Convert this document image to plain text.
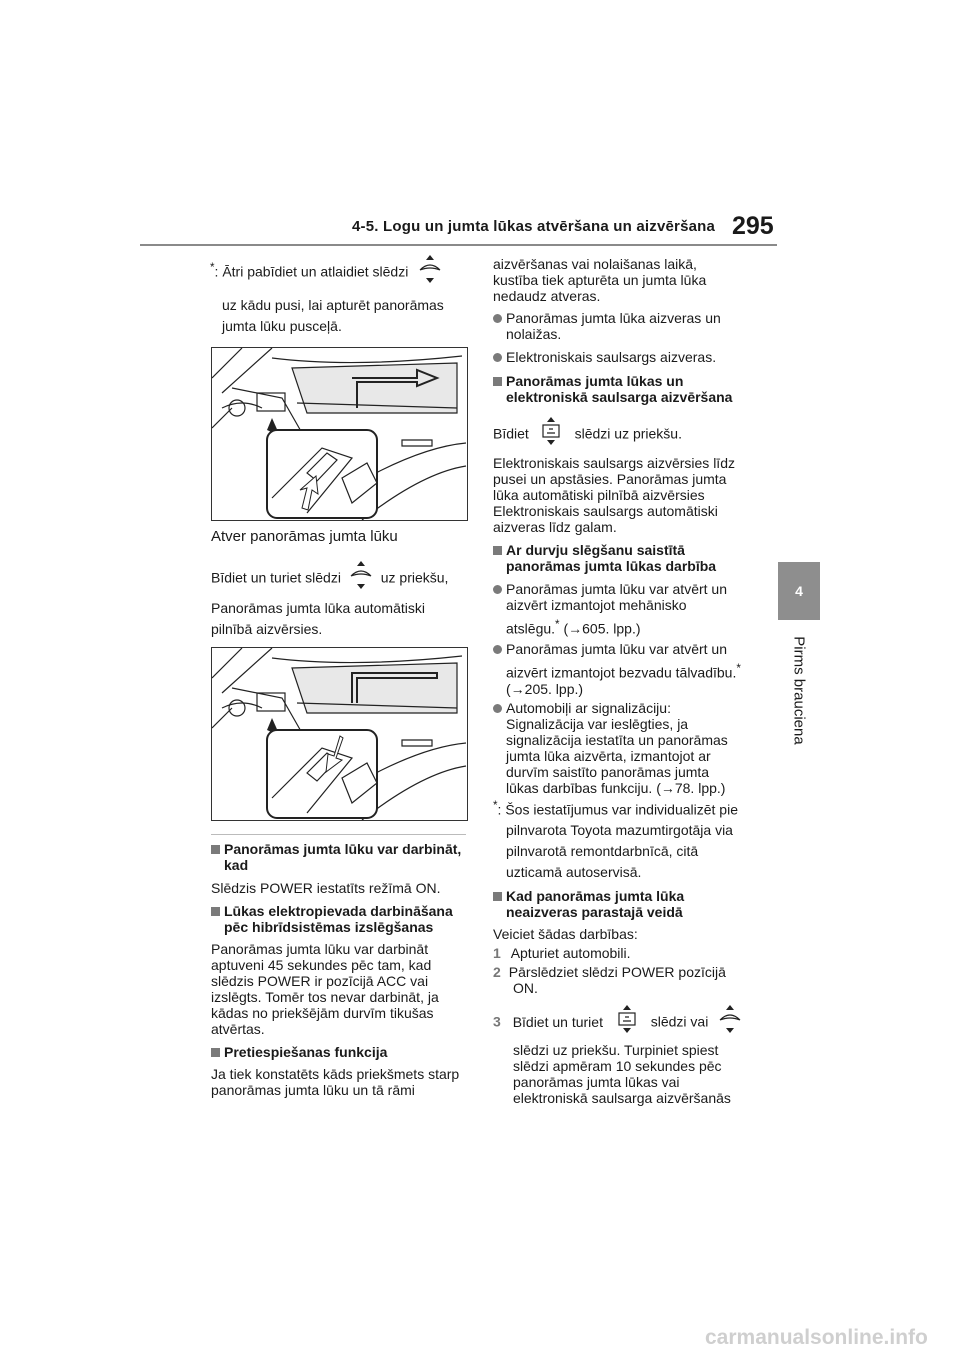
4-5. Logu un jumta lūkas atvēršana un aizvēršana 295
4
Pirms brauciena
*: Ātri pabīdiet un atlaidiet slēdzi
uz kādu pusi, lai apturēt panorāmas
jumta lūku pusceļā.
Atver panorāmas jumta lūku
Bīdiet un turiet slēdzi	uz priekšu,
Panorāmas jumta lūka automātiski
pilnībā aizvērsies.

Panorāmas jumta lūku var darbināt,

kad

Slēdzis POWER iestatīts režīmā ON.

Lūkas elektropievada darbināšana

pēc hibrīdsistēmas izslēgšanas

Panorāmas jumta lūku var darbināt

aptuveni 45 sekundes pēc tam, kad

slēdzis POWER ir pozīcijā ACC vai

izslēgts. Tomēr tos nevar darbināt, ja

kādas no priekšējām durvīm tikušas

atvērtas.

Pretiespiešanas funkcija

Ja tiek konstatēts kāds priekšmets starp

panorāmas jumta lūku un tā rāmi

aizvēršanas vai nolaišanas laikā,

kustība tiek apturēta un jumta lūka

nedaudz atveras.

Panorāmas jumta lūka aizveras un

nolaižas.

Elektroniskais saulsargs aizveras.

Panorāmas jumta lūkas un

elektroniskā saulsarga aizvēršana

Bīdiet	slēdzi uz priekšu.

Elektroniskais saulsargs aizvērsies līdz

pusei un apstāsies. Panorāmas jumta

lūka automātiski pilnībā aizvērsies

Elektroniskais saulsargs automātiski

aizveras līdz galam.

Ar durvju slēgšanu saistītā

panorāmas jumta lūkas darbība

Panorāmas jumta lūku var atvērt un

aizvērt izmantojot mehānisko

atslēgu.* (→605. lpp.)

Panorāmas jumta lūku var atvērt un

aizvērt izmantojot bezvadu tālvadību.*

(→205. lpp.)

Automobiļi ar signalizāciju:

Signalizācija var ieslēgties, ja

signalizācija iestatīta un panorāmas

jumta lūka aizvērta, izmantojot ar

durvīm saistīto panorāmas jumta

lūkas darbības funkciju. (→78. lpp.)

*: Šos iestatījumus var individualizēt pie

pilnvarota Toyota mazumtirgotāja via
pilnvarotā remontdarbnīcā, citā
uzticamā autoservisā.

Kad panorāmas jumta lūka

neaizveras parastajā veidā

Veiciet šādas darbības:
1 Apturiet automobili.

2 Pārslēdziet slēdzi POWER pozīcijā

ON.

3 Bīdiet un turiet	slēdzi vai

slēdzi uz priekšu. Turpiniet spiest

slēdzi apmēram 10 sekundes pēc

panorāmas jumta lūkas vai

elektroniskā saulsarga aizvēršanās

carmanualsonline.info
